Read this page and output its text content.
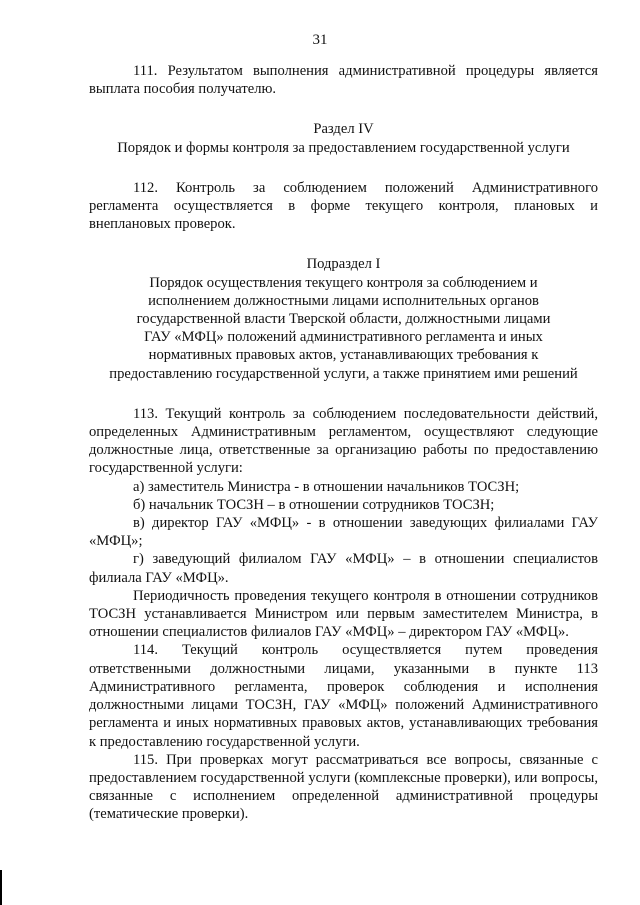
31

111. Результатом выполнения административной процедуры является выплата пособия получателю.

Раздел IV

Порядок и формы контроля за предоставлением государственной услуги

112. Контроль за соблюдением положений Административного регламента осуществляется в форме текущего контроля, плановых и внеплановых проверок.

Подраздел I

Порядок осуществления текущего контроля за соблюдением и

исполнением должностными лицами исполнительных органов

государственной власти Тверской области, должностными лицами

ГАУ «МФЦ» положений административного регламента и иных

нормативных правовых актов, устанавливающих требования к

предоставлению государственной услуги, а также принятием ими решений

113. Текущий контроль за соблюдением последовательности действий, определенных Административным регламентом, осуществляют следующие должностные лица, ответственные за организацию работы по предоставлению государственной услуги:

а) заместитель Министра - в отношении начальников ТОСЗН;

б) начальник ТОСЗН – в отношении сотрудников ТОСЗН;

в) директор ГАУ «МФЦ» - в отношении заведующих филиалами ГАУ «МФЦ»;

г) заведующий филиалом ГАУ «МФЦ» – в отношении специалистов филиала ГАУ «МФЦ».

Периодичность проведения текущего контроля в отношении сотрудников ТОСЗН устанавливается Министром или первым заместителем Министра, в отношении специалистов филиалов ГАУ «МФЦ» – директором ГАУ «МФЦ».

114. Текущий контроль осуществляется путем проведения ответственными должностными лицами, указанными в пункте 113 Административного регламента, проверок соблюдения и исполнения должностными лицами ТОСЗН, ГАУ «МФЦ» положений Административного регламента и иных нормативных правовых актов, устанавливающих требования к предоставлению государственной услуги.

115. При проверках могут рассматриваться все вопросы, связанные с предоставлением государственной услуги (комплексные проверки), или вопросы, связанные с исполнением определенной административной процедуры (тематические проверки).
